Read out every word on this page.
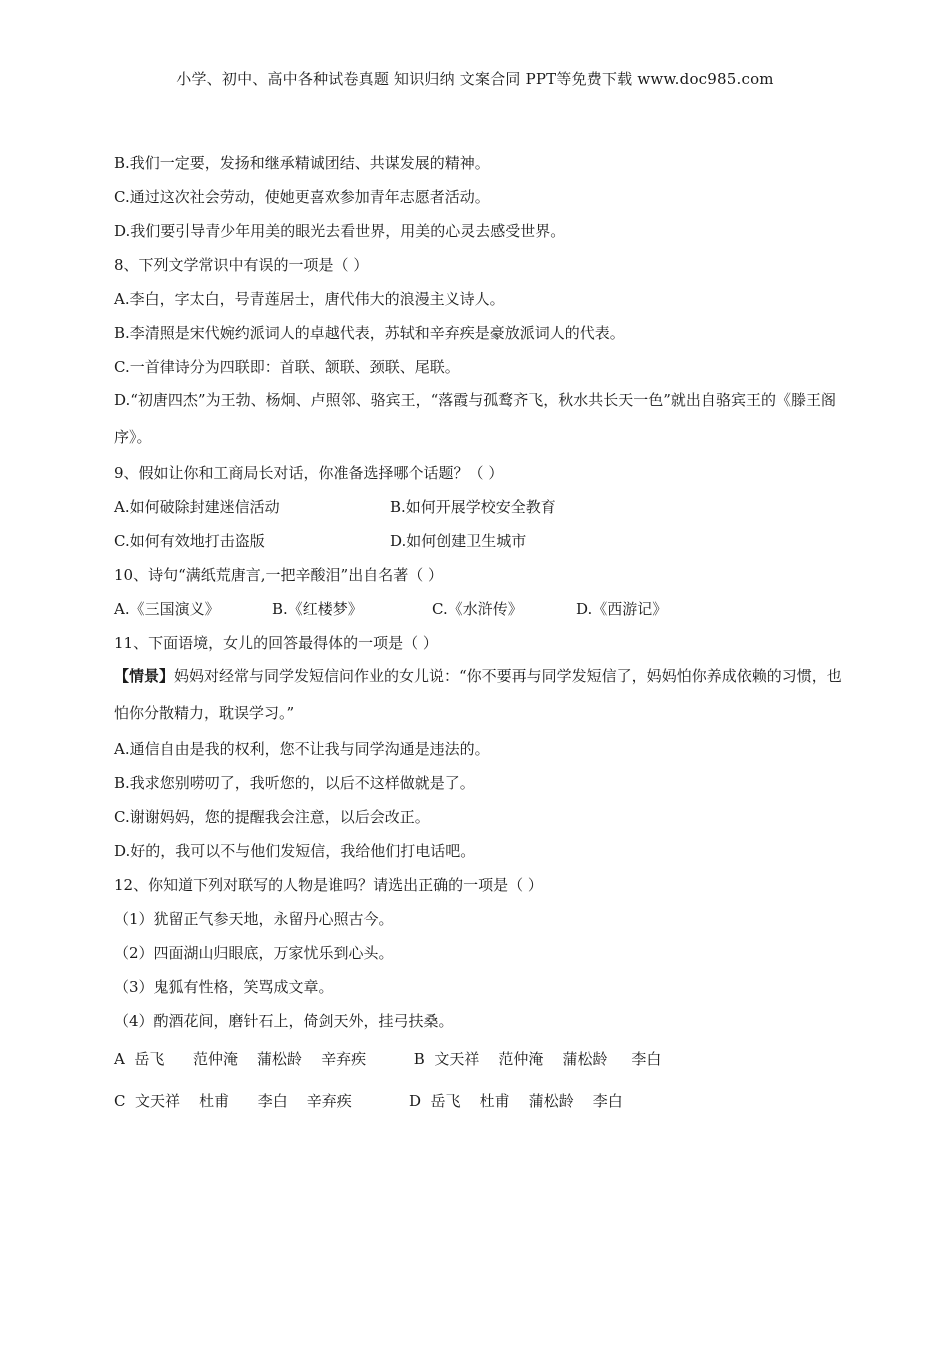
小学、初中、高中各种试卷真题 知识归纳 文案合同 PPT等免费下载 www.doc985.com
B.我们一定要，发扬和继承精诚团结、共谋发展的精神。
C.通过这次社会劳动，使她更喜欢参加青年志愿者活动。
D.我们要引导青少年用美的眼光去看世界，用美的心灵去感受世界。
8、下列文学常识中有误的一项是（ ）
A.李白，字太白，号青莲居士，唐代伟大的浪漫主义诗人。
B.李清照是宋代婉约派词人的卓越代表，苏轼和辛弃疾是豪放派词人的代表。
C.一首律诗分为四联即：首联、颔联、颈联、尾联。
D.“初唐四杰”为王勃、杨炯、卢照邻、骆宾王，“落霞与孤鹜齐飞，秋水共长天一色”就出自骆宾王的《滕王阁序》。
9、假如让你和工商局长对话，你准备选择哪个话题？（ ）
A.如何破除封建迷信活动	B.如何开展学校安全教育
C.如何有效地打击盗版	D.如何创建卫生城市
10、诗句“满纸荒唐言,一把辛酸泪”出自名著（ ）
A.《三国演义》	B.《红楼梦》	C.《水浒传》	D.《西游记》
11、下面语境，女儿的回答最得体的一项是（ ）
【情景】妈妈对经常与同学发短信问作业的女儿说：“你不要再与同学发短信了，妈妈怕你养成依赖的习惯，也怕你分散精力，耽误学习。”
A.通信自由是我的权利，您不让我与同学沟通是违法的。
B.我求您别唠叨了，我听您的，以后不这样做就是了。
C.谢谢妈妈，您的提醒我会注意，以后会改正。
D.好的，我可以不与他们发短信，我给他们打电话吧。
12、你知道下列对联写的人物是谁吗？请选出正确的一项是（ ）
（1）犹留正气参天地，永留丹心照古今。
（2）四面湖山归眼底，万家忧乐到心头。
（3）鬼狐有性格，笑骂成文章。
（4）酌酒花间，磨针石上，倚剑天外，挂弓扶桑。
A  岳飞      范仲淹    蒲松龄    辛弃疾          B  文天祥    范仲淹    蒲松龄     李白
C  文天祥    杜甫      李白    辛弃疾            D  岳飞    杜甫    蒲松龄    李白
